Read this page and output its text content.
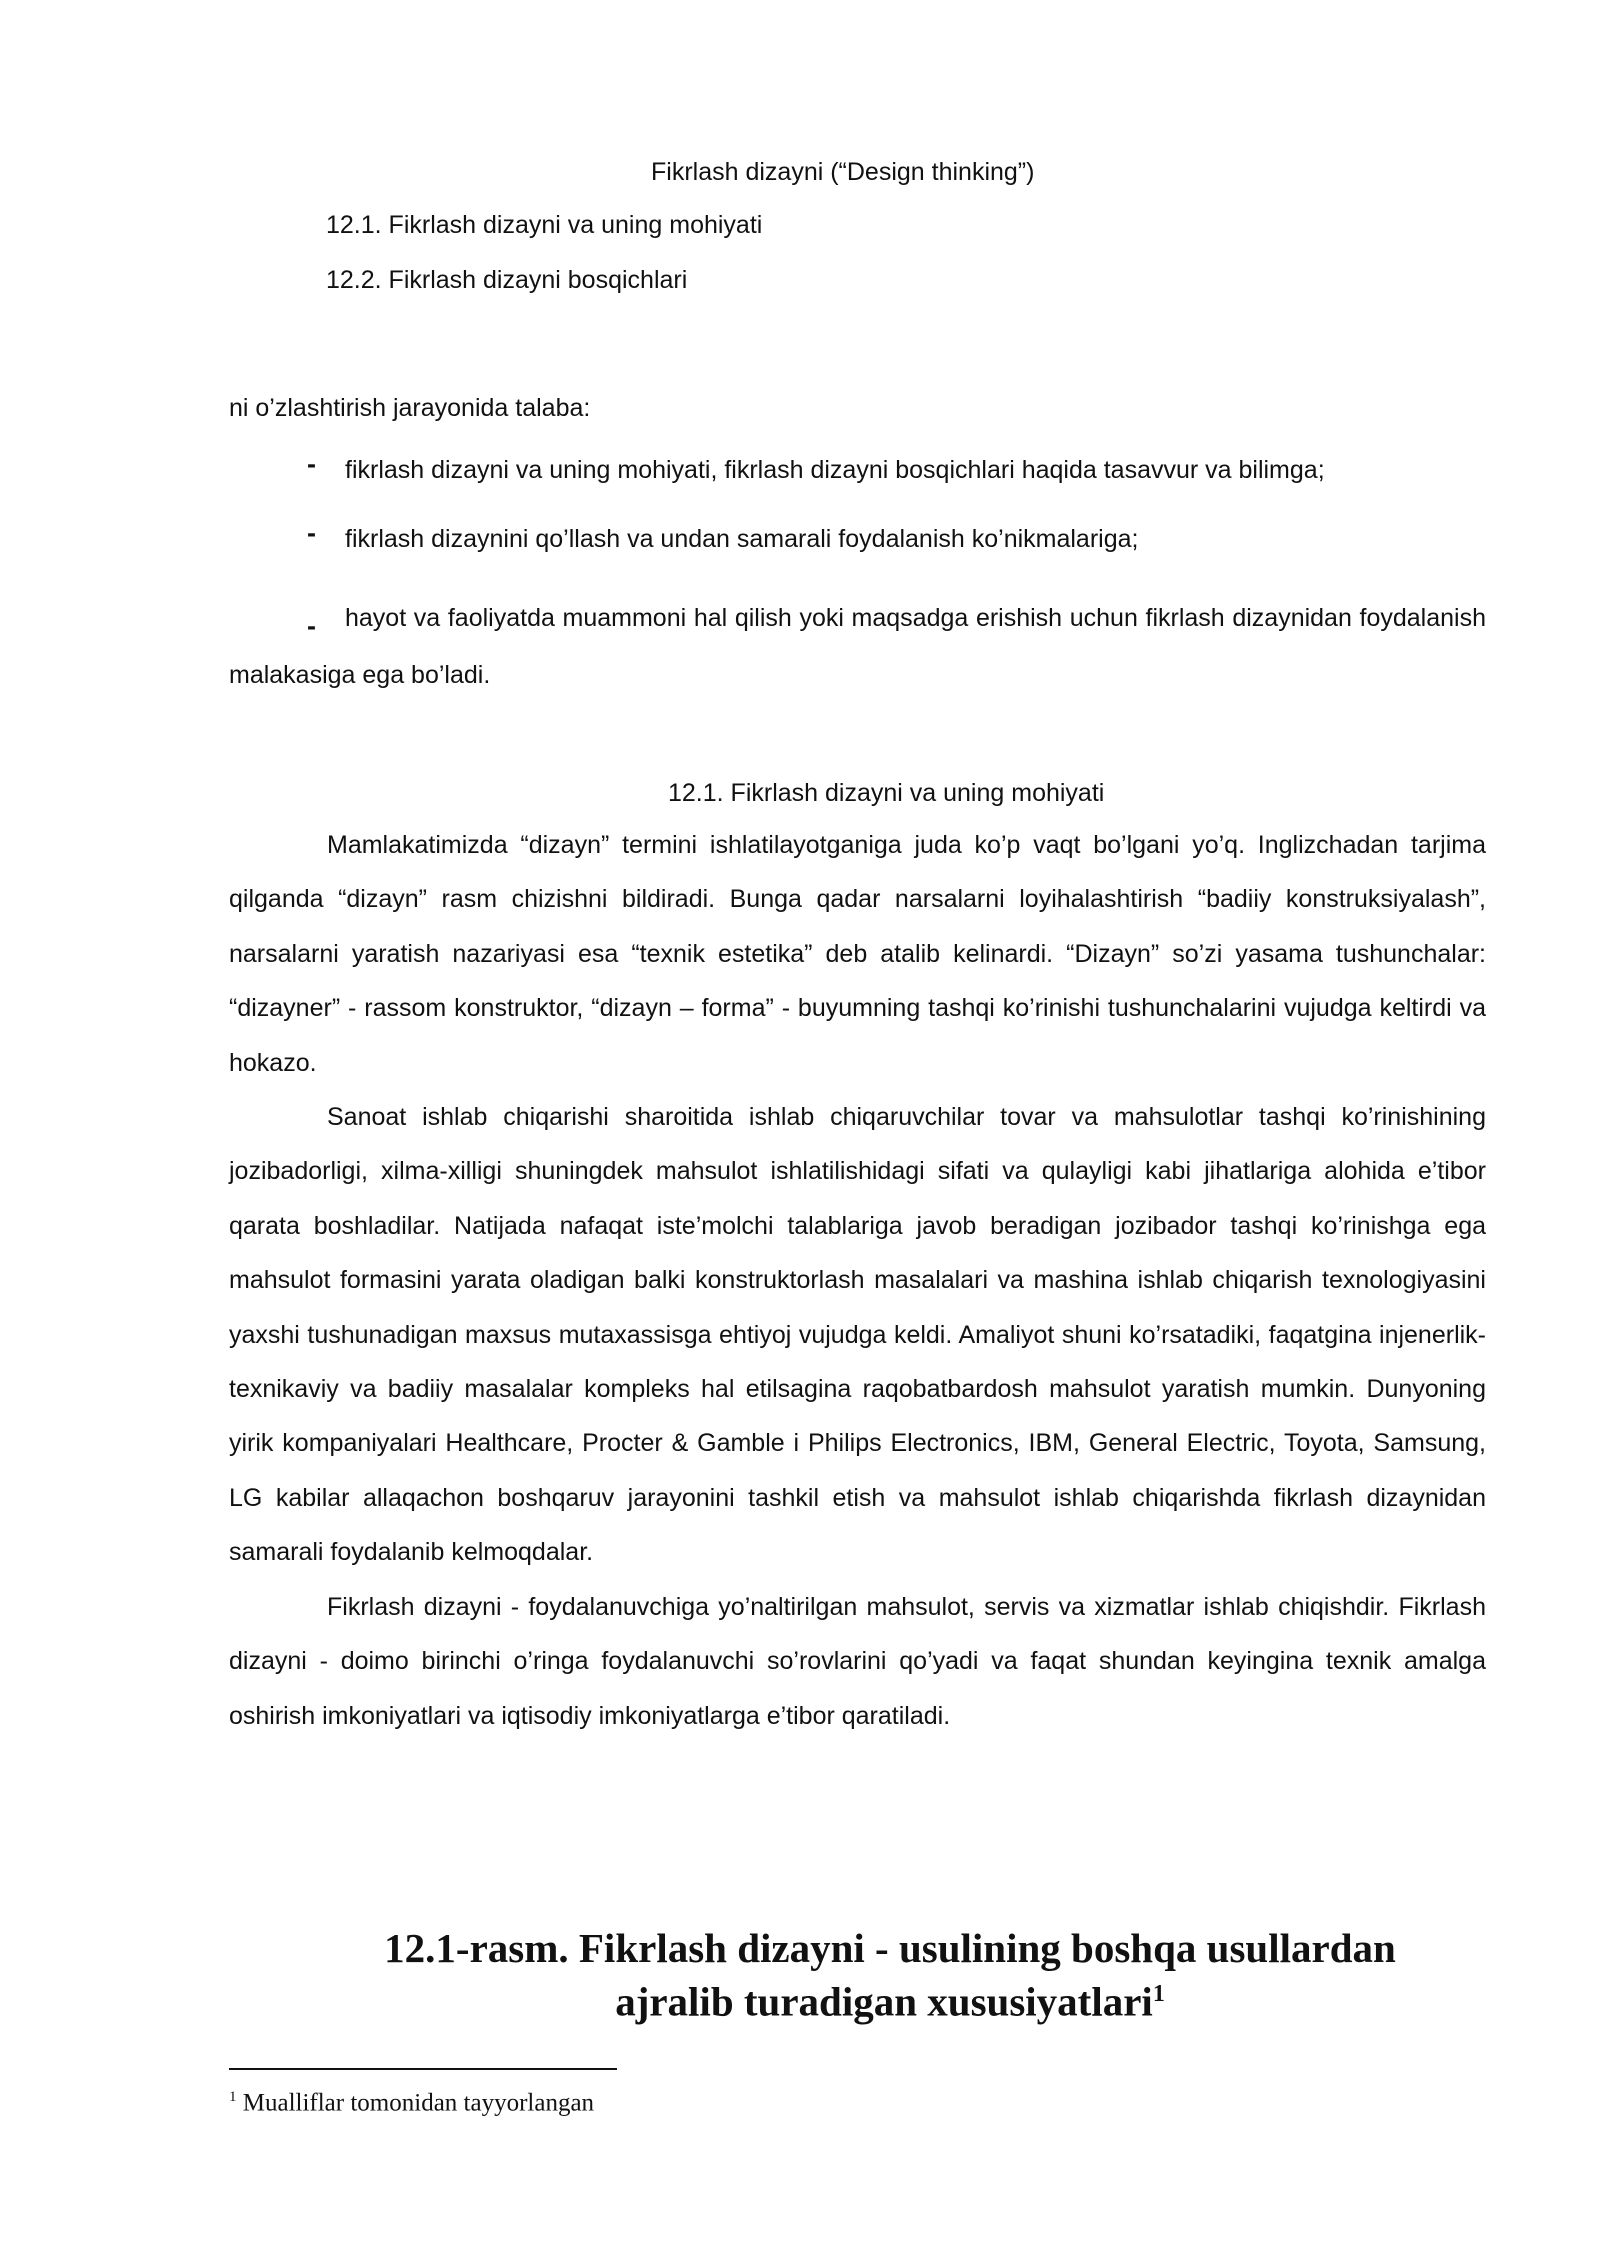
Fikrlash dizayni (“Design thinking”)
12.1. Fikrlash dizayni va uning mohiyati
12.2. Fikrlash dizayni bosqichlari
ni o’zlashtirish jarayonida talaba:
-	fikrlash dizayni va uning mohiyati, fikrlash dizayni bosqichlari haqida tasavvur va bilimga;
-	fikrlash dizaynini qo’llash va undan samarali foydalanish ko’nikmalariga;
-	hayot va faoliyatda muammoni hal qilish yoki maqsadga erishish uchun fikrlash dizaynidan foydalanish malakasiga ega bo’ladi.
12.1. Fikrlash dizayni va uning mohiyati

Mamlakatimizda “dizayn” termini ishlatilayotganiga juda ko’p vaqt bo’lgani yo’q. Inglizchadan tarjima qilganda “dizayn” rasm chizishni bildiradi. Bunga qadar narsalarni loyihalashtirish “badiiy konstruksiyalash”, narsalarni yaratish nazariyasi esa “texnik estetika” deb atalib kelinardi. “Dizayn” so’zi yasama tushunchalar: “dizayner” - rassom konstruktor, “dizayn – forma” - buyumning tashqi ko’rinishi tushunchalarini vujudga keltirdi va hokazo.

Sanoat ishlab chiqarishi sharoitida ishlab chiqaruvchilar tovar va mahsulotlar tashqi ko’rinishining jozibadorligi, xilma-xilligi shuningdek mahsulot ishlatilishidagi sifati va qulayligi kabi jihatlariga alohida e’tibor qarata boshladilar. Natijada nafaqat iste’molchi talablariga javob beradigan jozibador tashqi ko’rinishga ega mahsulot formasini yarata oladigan balki konstruktorlash masalalari va mashina ishlab chiqarish texnologiyasini yaxshi tushunadigan maxsus mutaxassisga ehtiyoj vujudga keldi. Amaliyot shuni ko’rsatadiki, faqatgina injenerlik-texnikaviy va badiiy masalalar kompleks hal etilsagina raqobatbardosh mahsulot yaratish mumkin. Dunyoning yirik kompaniyalari Healthcare, Procter & Gamble i Philips Electronics, IBM, General Electric, Toyota, Samsung, LG kabilar allaqachon boshqaruv jarayonini tashkil etish va mahsulot ishlab chiqarishda fikrlash dizaynidan samarali foydalanib kelmoqdalar.

Fikrlash dizayni - foydalanuvchiga yo’naltirilgan mahsulot, servis va xizmatlar ishlab chiqishdir. Fikrlash dizayni - doimo birinchi o’ringa foydalanuvchi so’rovlarini qo’yadi va faqat shundan keyingina texnik amalga oshirish imkoniyatlari va iqtisodiy imkoniyatlarga e’tibor qaratiladi.

12.1-rasm. Fikrlash dizayni - usulining boshqa usullardan
ajralib turadigan xususiyatlari$^1$
$^1$ Mualliflar tomonidan tayyorlangan
